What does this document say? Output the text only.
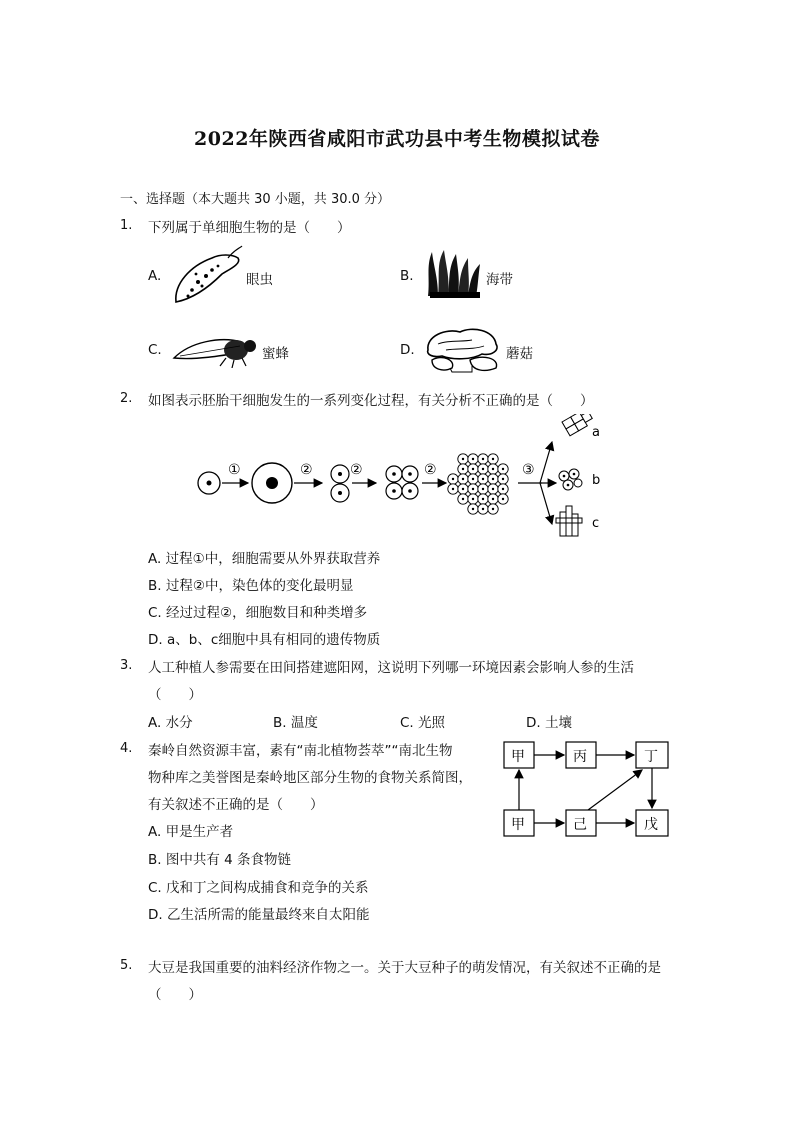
2022年陕西省咸阳市武功县中考生物模拟试卷
一、选择题（本大题共 30 小题，共 30.0 分）
1. 下列属于单细胞生物的是（　　）
A.	眼虫	B.	海带
C.	蜜蜂	D.	蘑菇
2. 如图表示胚胎干细胞发生的一系列变化过程，有关分析不正确的是（　　）
①	②	②	②	③
a
b
c
A. 过程①中，细胞需要从外界获取营养
B. 过程②中，染色体的变化最明显
C. 经过过程②，细胞数目和种类增多
D. a、b、c细胞中具有相同的遗传物质
3. 人工种植人参需要在田间搭建遮阳网，这说明下列哪一环境因素会影响人参的生活
（　　）
A. 水分	B. 温度	C. 光照	D. 土壤
4. 秦岭自然资源丰富，素有“南北植物荟萃”“南北生物
物种库之美誉图是秦岭地区部分生物的食物关系简图，
有关叙述不正确的是（　　）
甲	丙	丁
甲	己	戊
A. 甲是生产者
B. 图中共有 4 条食物链
C. 戊和丁之间构成捕食和竞争的关系
D. 乙生活所需的能量最终来自太阳能
5. 大豆是我国重要的油料经济作物之一。关于大豆种子的萌发情况，有关叙述不正确的是
（　　）
